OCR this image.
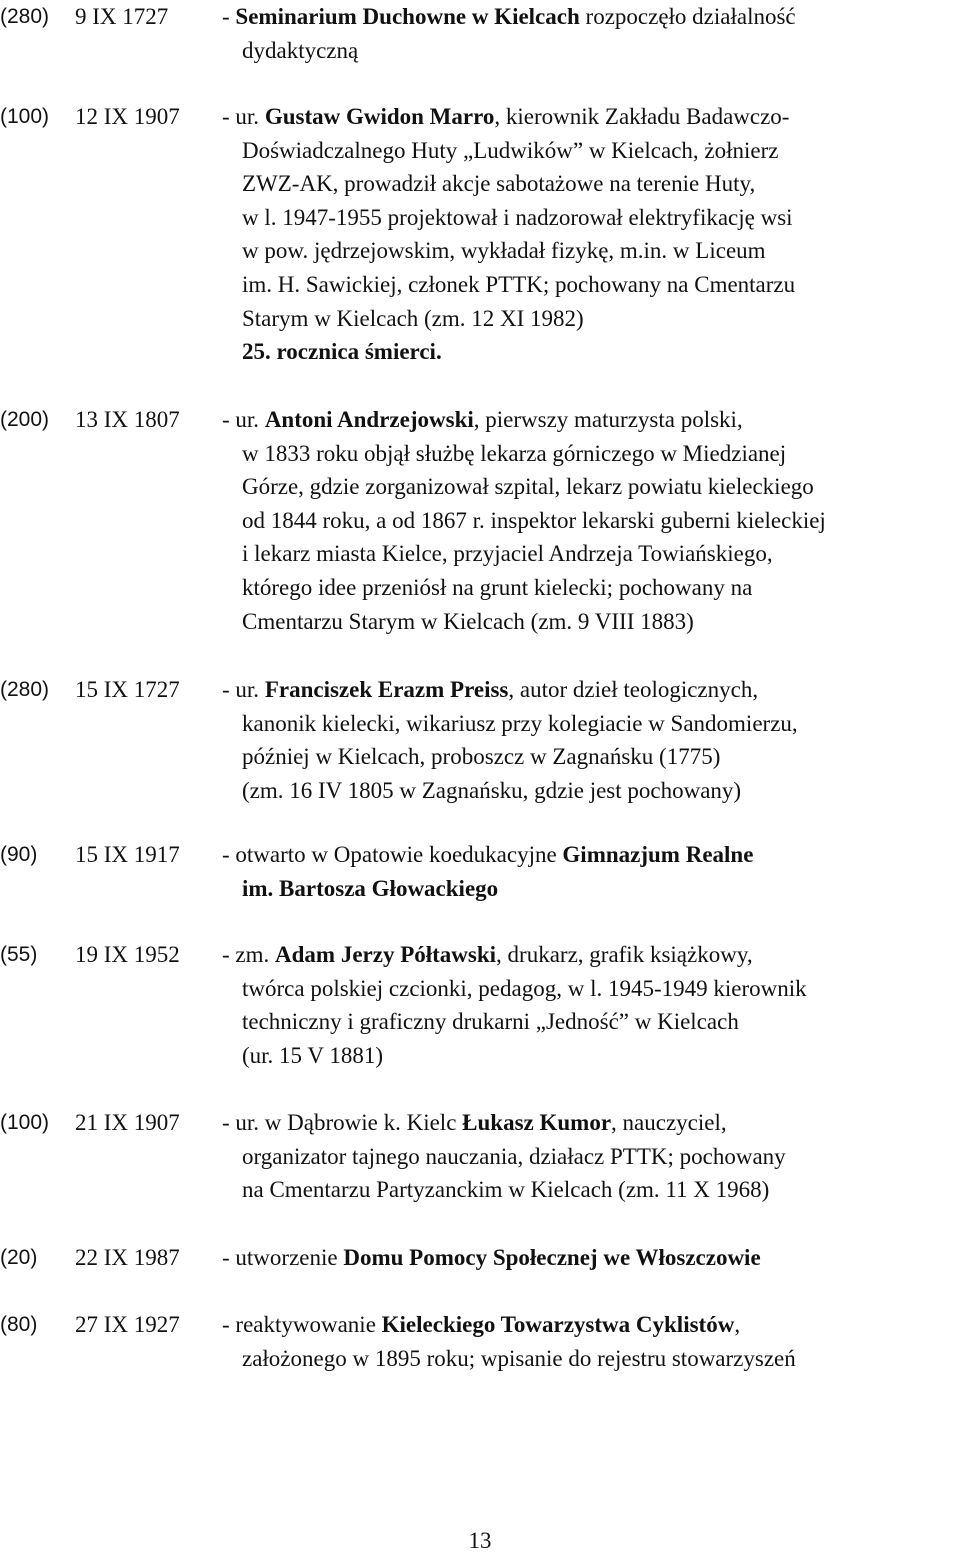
(280) 9 IX 1727 - Seminarium Duchowne w Kielcach rozpoczęło działalność
dydaktyczną
(100) 12 IX 1907 - ur. Gustaw Gwidon Marro, kierownik Zakładu Badawczo-
Doświadczalnego Huty „Ludwików” w Kielcach, żołnierz
ZWZ-AK, prowadził akcje sabotażowe na terenie Huty,
w l. 1947-1955 projektował i nadzorował elektryfikację wsi
w pow. jędrzejowskim, wykładał fizykę, m.in. w Liceum
im. H. Sawickiej, członek PTTK; pochowany na Cmentarzu
Starym w Kielcach (zm. 12 XI 1982)
25. rocznica śmierci.
(200) 13 IX 1807 - ur. Antoni Andrzejowski, pierwszy maturzysta polski,
w 1833 roku objął służbę lekarza górniczego w Miedzianej
Górze, gdzie zorganizował szpital, lekarz powiatu kieleckiego
od 1844 roku, a od 1867 r. inspektor lekarski guberni kieleckiej
i lekarz miasta Kielce, przyjaciel Andrzeja Towiańskiego,
którego idee przeniósł na grunt kielecki; pochowany na
Cmentarzu Starym w Kielcach (zm. 9 VIII 1883)
(280) 15 IX 1727 - ur. Franciszek Erazm Preiss, autor dzieł teologicznych,
kanonik kielecki, wikariusz przy kolegiacie w Sandomierzu,
później w Kielcach, proboszcz w Zagnańsku (1775)
(zm. 16 IV 1805 w Zagnańsku, gdzie jest pochowany)
(90) 15 IX 1917 - otwarto w Opatowie koedukacyjne Gimnazjum Realne
im. Bartosza Głowackiego
(55) 19 IX 1952 - zm. Adam Jerzy Półtawski, drukarz, grafik książkowy,
twórca polskiej czcionki, pedagog, w l. 1945-1949 kierownik
techniczny i graficzny drukarni „Jedność” w Kielcach
(ur. 15 V 1881)
(100) 21 IX 1907 - ur. w Dąbrowie k. Kielc Łukasz Kumor, nauczyciel,
organizator tajnego nauczania, działacz PTTK; pochowany
na Cmentarzu Partyzanckim w Kielcach (zm. 11 X 1968)
(20) 22 IX 1987 - utworzenie Domu Pomocy Społecznej we Włoszczowie
(80) 27 IX 1927 - reaktywowanie Kieleckiego Towarzystwa Cyklistów,
założonego w 1895 roku; wpisanie do rejestru stowarzyszeń
13
